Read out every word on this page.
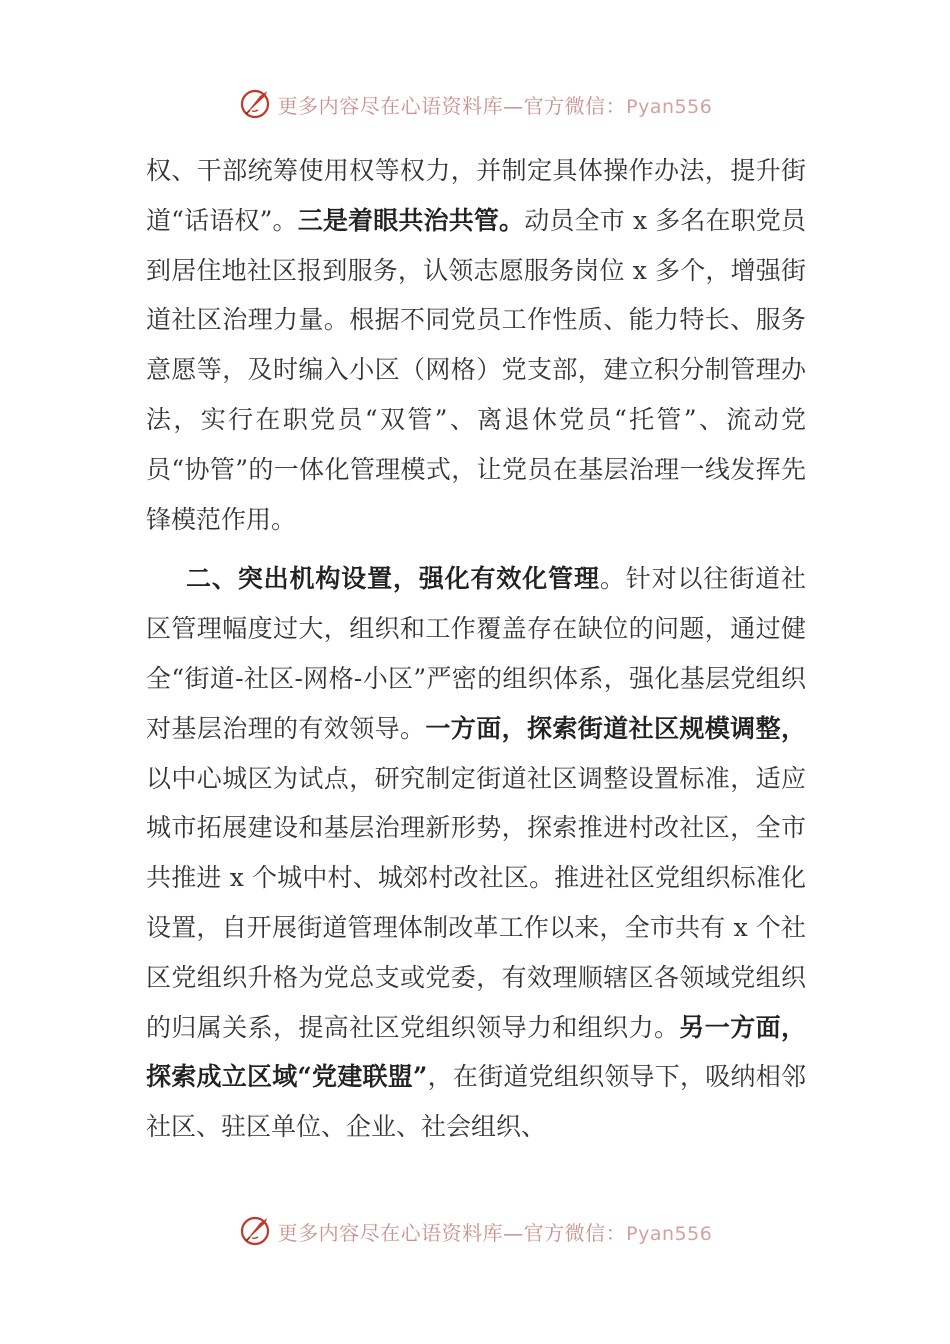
更多内容尽在心语资料库—官方微信：Pyan556

权、干部统筹使用权等权力，并制定具体操作办法，提升街道“话语权”。三是着眼共治共管。动员全市 x 多名在职党员到居住地社区报到服务，认领志愿服务岗位 x 多个，增强街道社区治理力量。根据不同党员工作性质、能力特长、服务意愿等，及时编入小区（网格）党支部，建立积分制管理办法，实行在职党员“双管”、离退休党员“托管”、流动党员“协管”的一体化管理模式，让党员在基层治理一线发挥先锋模范作用。

二、突出机构设置，强化有效化管理。针对以往街道社区管理幅度过大，组织和工作覆盖存在缺位的问题，通过健全“街道-社区-网格-小区”严密的组织体系，强化基层党组织对基层治理的有效领导。一方面，探索街道社区规模调整，以中心城区为试点，研究制定街道社区调整设置标准，适应城市拓展建设和基层治理新形势，探索推进村改社区，全市共推进 x 个城中村、城郊村改社区。推进社区党组织标准化设置，自开展街道管理体制改革工作以来，全市共有 x 个社区党组织升格为党总支或党委，有效理顺辖区各领域党组织的归属关系，提高社区党组织领导力和组织力。另一方面，探索成立区域“党建联盟”，在街道党组织领导下，吸纳相邻社区、驻区单位、企业、社会组织、

更多内容尽在心语资料库—官方微信：Pyan556
